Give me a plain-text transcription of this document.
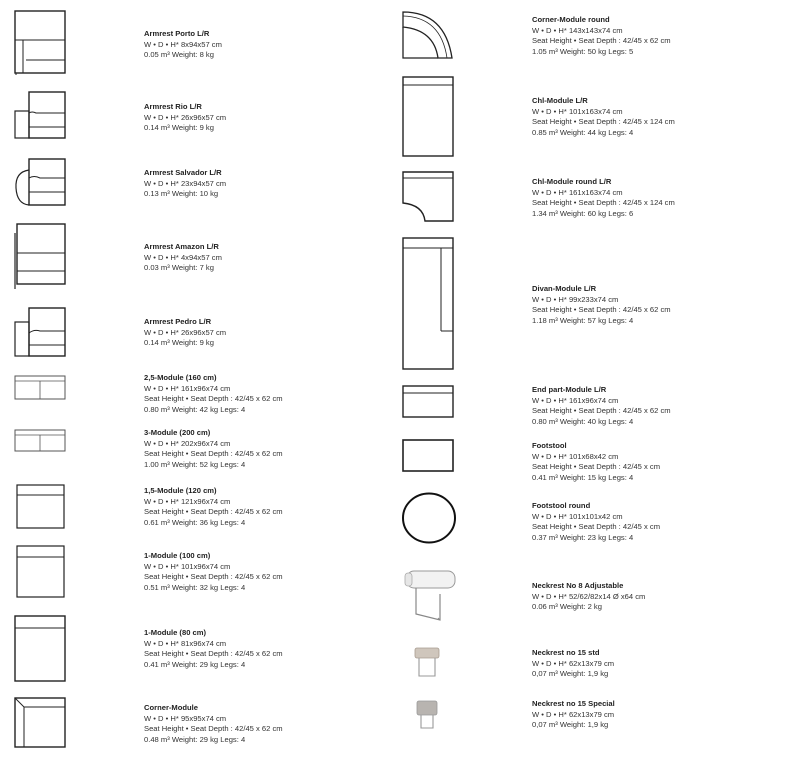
Armrest Porto L/R
W • D • H* 8x94x57 cm
0.05 m³ Weight: 8 kg
Armrest Rio L/R
W • D • H* 26x96x57 cm
0.14 m³ Weight: 9 kg
Armrest Salvador L/R
W • D • H* 23x94x57 cm
0.13 m³ Weight: 10 kg
Armrest Amazon L/R
W • D • H* 4x94x57 cm
0.03 m³ Weight: 7 kg
Armrest Pedro L/R
W • D • H* 26x96x57 cm
0.14 m³ Weight: 9 kg
2,5-Module (160 cm)
W • D • H* 161x96x74 cm
Seat Height • Seat Depth : 42/45 x 62 cm
0.80 m³ Weight: 42 kg Legs: 4
3-Module (200 cm)
W • D • H* 202x96x74 cm
Seat Height • Seat Depth : 42/45 x 62 cm
1.00 m³ Weight: 52 kg Legs: 4
1,5-Module (120 cm)
W • D • H* 121x96x74 cm
Seat Height • Seat Depth : 42/45 x 62 cm
0.61 m³ Weight: 36 kg Legs: 4
1-Module (100 cm)
W • D • H* 101x96x74 cm
Seat Height • Seat Depth : 42/45 x 62 cm
0.51 m³ Weight: 32 kg Legs: 4
1-Module (80 cm)
W • D • H* 81x96x74 cm
Seat Height • Seat Depth : 42/45 x 62 cm
0.41 m³ Weight: 29 kg Legs: 4
Corner-Module
W • D • H* 95x95x74 cm
Seat Height • Seat Depth : 42/45 x 62 cm
0.48 m³ Weight: 29 kg Legs: 4
Corner-Module round
W • D • H* 143x143x74 cm
Seat Height • Seat Depth : 42/45 x 62 cm
1.05 m³ Weight: 50 kg Legs: 5
Chl-Module L/R
W • D • H* 101x163x74 cm
Seat Height • Seat Depth : 42/45 x 124 cm
0.85 m³ Weight: 44 kg Legs: 4
Chl-Module round L/R
W • D • H* 161x163x74 cm
Seat Height • Seat Depth : 42/45 x 124 cm
1.34 m³ Weight: 60 kg Legs: 6
Divan-Module L/R
W • D • H* 99x233x74 cm
Seat Height • Seat Depth : 42/45 x 62 cm
1.18 m³ Weight: 57 kg Legs: 4
End part-Module L/R
W • D • H* 161x96x74 cm
Seat Height • Seat Depth : 42/45 x 62 cm
0.80 m³ Weight: 40 kg Legs: 4
Footstool
W • D • H* 101x68x42 cm
Seat Height • Seat Depth : 42/45 x cm
0.41 m³ Weight: 15 kg Legs: 4
Footstool round
W • D • H* 101x101x42 cm
Seat Height • Seat Depth : 42/45 x cm
0.37 m³ Weight: 23 kg Legs: 4
Neckrest No 8 Adjustable
W • D • H* 52/62/82x14 Ø x64 cm
0.06 m³ Weight: 2 kg
Neckrest no 15 std
W • D • H* 62x13x79 cm
0,07 m³ Weight: 1,9 kg
Neckrest no 15 Special
W • D • H* 62x13x79 cm
0,07 m³ Weight: 1,9 kg
